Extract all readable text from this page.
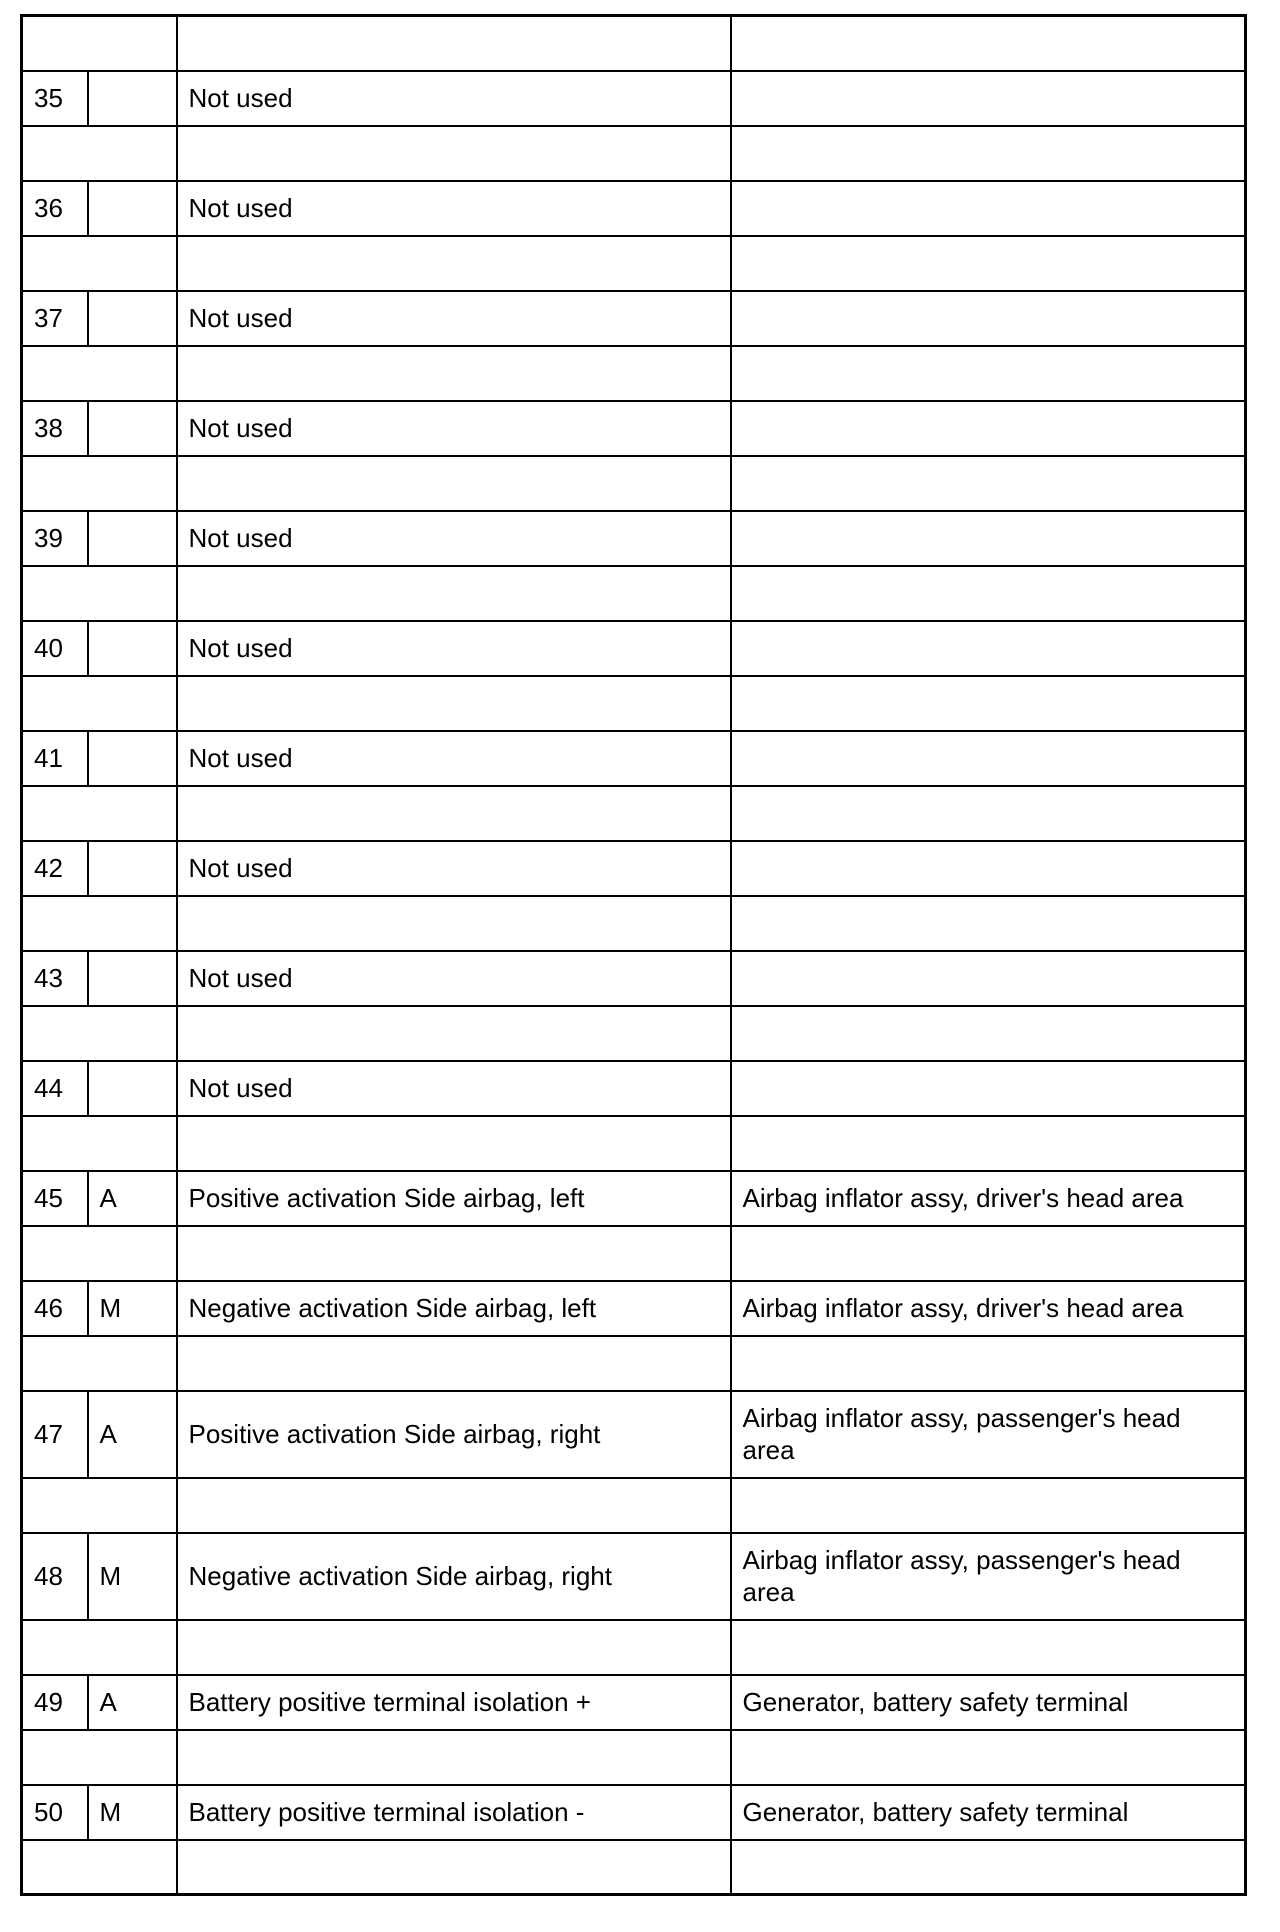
35		Not used	

36		Not used	

37		Not used	

38		Not used	

39		Not used	

40		Not used	

41		Not used	

42		Not used	

43		Not used	

44		Not used	

45	A	Positive activation Side airbag, left	Airbag inflator assy, driver's head area

46	M	Negative activation Side airbag, left	Airbag inflator assy, driver's head area

47	A	Positive activation Side airbag, right	Airbag inflator assy, passenger's head area

48	M	Negative activation Side airbag, right	Airbag inflator assy, passenger's head area

49	A	Battery positive terminal isolation +	Generator, battery safety terminal

50	M	Battery positive terminal isolation -	Generator, battery safety terminal
